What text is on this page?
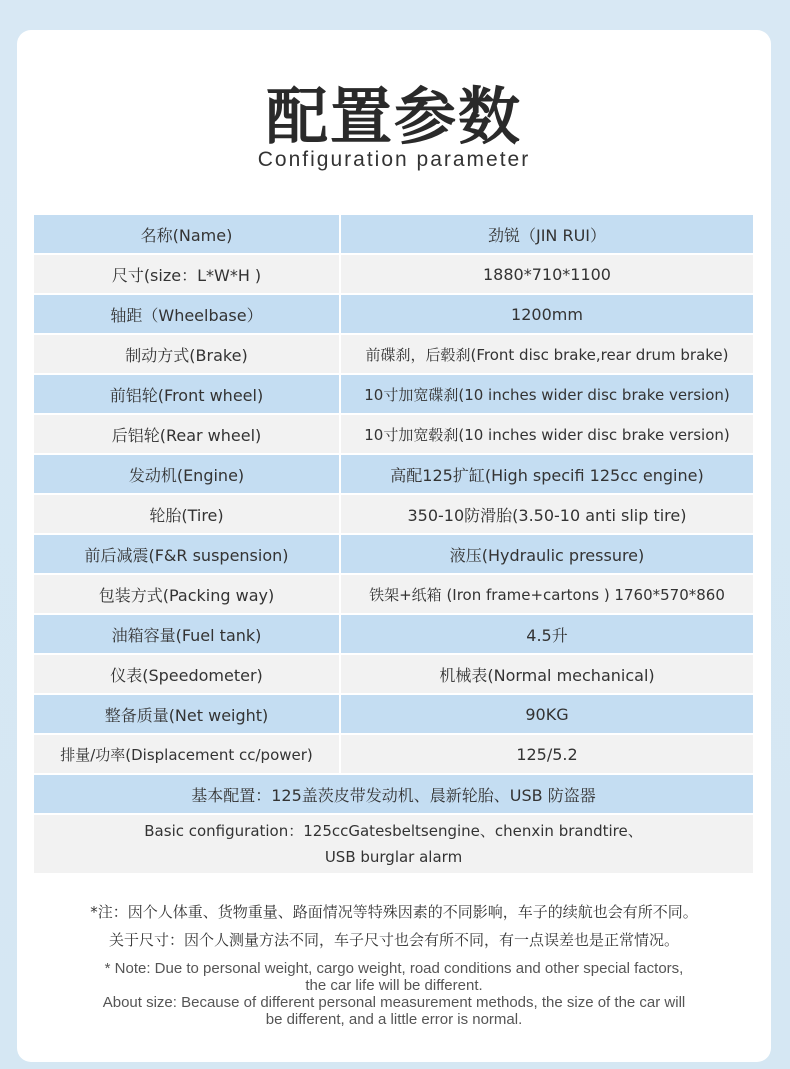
配置参数
Configuration parameter
名称(Name)	劲锐（JIN RUI）
尺寸(size：L*W*H )	1880*710*1100
轴距（Wheelbase）	1200mm
制动方式(Brake)	前碟刹，后毂刹(Front disc brake,rear drum brake)
前铝轮(Front wheel)	10寸加宽碟刹(10 inches wider disc brake version)
后铝轮(Rear wheel)	10寸加宽毂刹(10 inches wider disc brake version)
发动机(Engine)	高配125扩缸(High specifi 125cc engine)
轮胎(Tire)	350-10防滑胎(3.50-10 anti slip tire)
前后减震(F&R suspension)	液压(Hydraulic pressure)
包装方式(Packing way)	铁架+纸箱 (Iron frame+cartons ) 1760*570*860
油箱容量(Fuel tank)	4.5升
仪表(Speedometer)	机械表(Normal mechanical)
整备质量(Net weight)	90KG
排量/功率(Displacement cc/power)	125/5.2
基本配置：125盖茨皮带发动机、晨新轮胎、USB 防盗器	

Basic configuration：125ccGatesbeltsengine、chenxin brandtire、
USB burglar alarm	
*注：因个人体重、货物重量、路面情况等特殊因素的不同影响，车子的续航也会有所不同。
关于尺寸：因个人测量方法不同，车子尺寸也会有所不同，有一点误差也是正常情况。
* Note: Due to personal weight, cargo weight, road conditions and other special factors,
the car life will be different.
About size: Because of different personal measurement methods, the size of the car will
be different, and a little error is normal.
